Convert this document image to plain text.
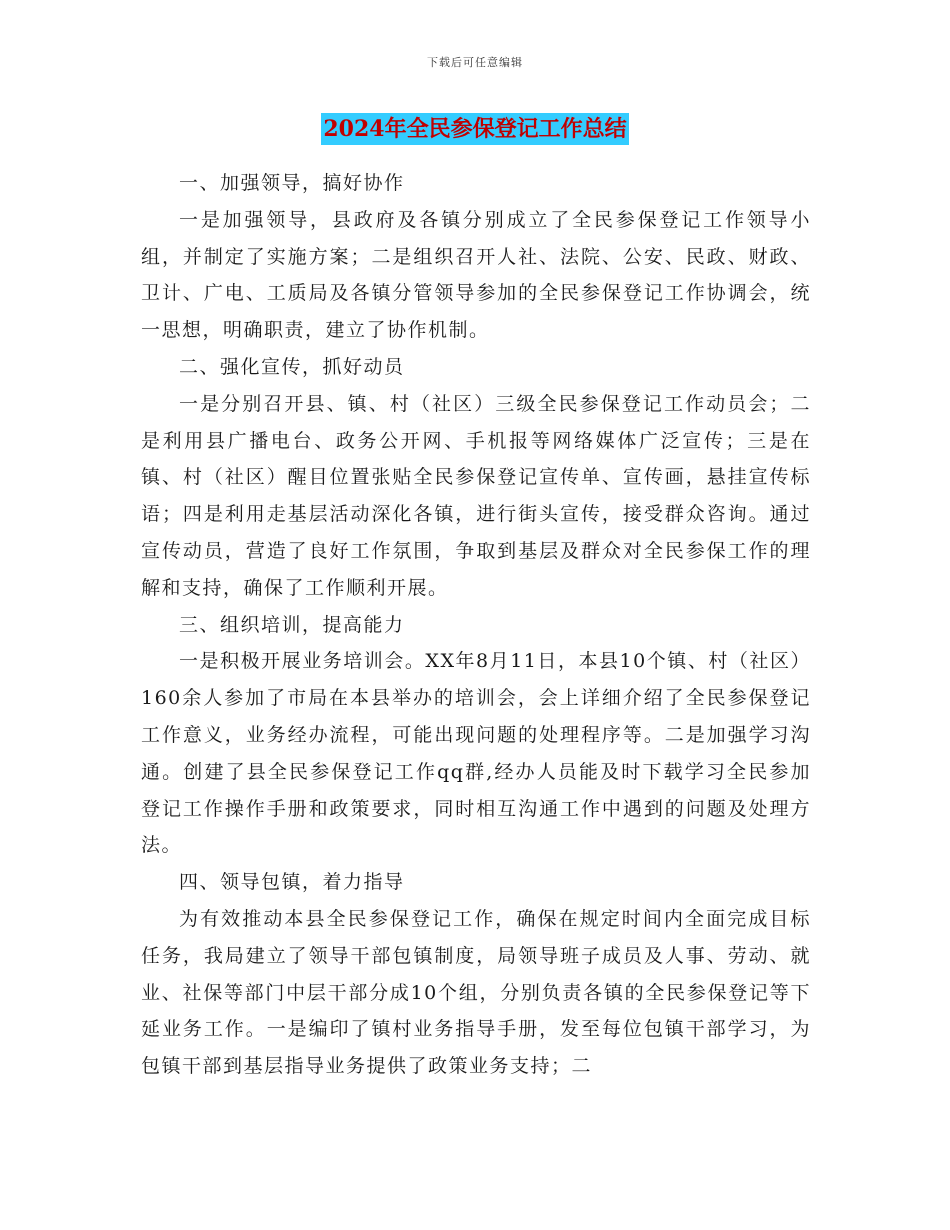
下载后可任意编辑
2024年全民参保登记工作总结

一、加强领导，搞好协作

一是加强领导，县政府及各镇分别成立了全民参保登记工作领导小组，并制定了实施方案；二是组织召开人社、法院、公安、民政、财政、卫计、广电、工质局及各镇分管领导参加的全民参保登记工作协调会，统一思想，明确职责，建立了协作机制。

二、强化宣传，抓好动员

一是分别召开县、镇、村（社区）三级全民参保登记工作动员会；二是利用县广播电台、政务公开网、手机报等网络媒体广泛宣传；三是在镇、村（社区）醒目位置张贴全民参保登记宣传单、宣传画，悬挂宣传标语；四是利用走基层活动深化各镇，进行街头宣传，接受群众咨询。通过宣传动员，营造了良好工作氛围，争取到基层及群众对全民参保工作的理解和支持，确保了工作顺利开展。

三、组织培训，提高能力

一是积极开展业务培训会。XX年8月11日，本县10个镇、村（社区）160余人参加了市局在本县举办的培训会，会上详细介绍了全民参保登记工作意义，业务经办流程，可能出现问题的处理程序等。二是加强学习沟通。创建了县全民参保登记工作qq群,经办人员能及时下载学习全民参加登记工作操作手册和政策要求，同时相互沟通工作中遇到的问题及处理方法。

四、领导包镇，着力指导

为有效推动本县全民参保登记工作，确保在规定时间内全面完成目标任务，我局建立了领导干部包镇制度，局领导班子成员及人事、劳动、就业、社保等部门中层干部分成10个组，分别负责各镇的全民参保登记等下延业务工作。一是编印了镇村业务指导手册，发至每位包镇干部学习，为包镇干部到基层指导业务提供了政策业务支持；二
